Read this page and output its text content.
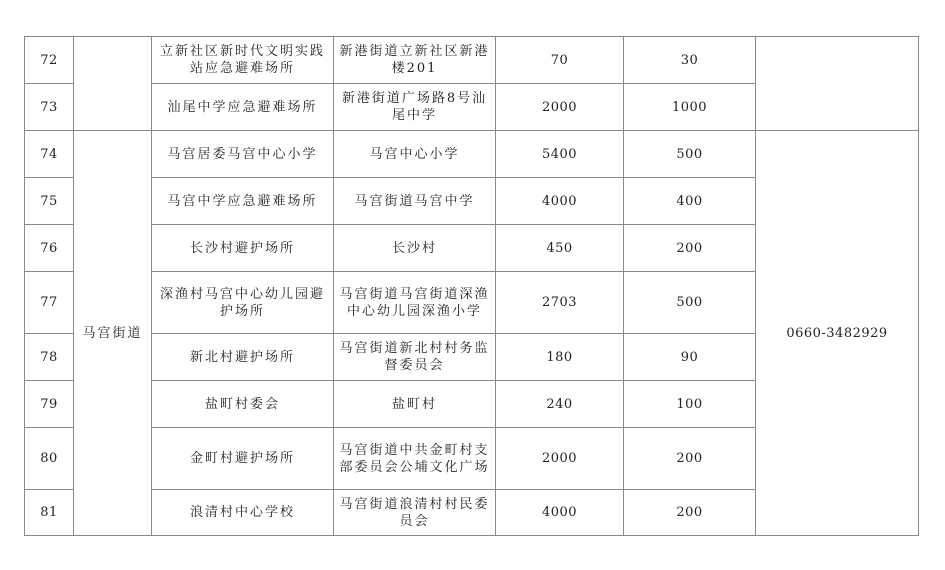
72		立新社区新时代文明实践站应急避难场所	新港街道立新社区新港楼201	70	30	
73		汕尾中学应急避难场所	新港街道广场路8号汕尾中学	2000	1000	
74	马宫街道	马宫居委马宫中心小学	马宫中心小学	5400	500	0660-3482929
75		马宫中学应急避难场所	马宫街道马宫中学	4000	400	
76		长沙村避护场所	长沙村	450	200	
77		深渔村马宫中心幼儿园避护场所	马宫街道马宫街道深渔中心幼儿园深渔小学	2703	500	
78		新北村避护场所	马宫街道新北村村务监督委员会	180	90	
79		盐町村委会	盐町村	240	100	
80		金町村避护场所	马宫街道中共金町村支部委员会公埔文化广场	2000	200	
81		浪清村中心学校	马宫街道浪清村村民委员会	4000	200	
